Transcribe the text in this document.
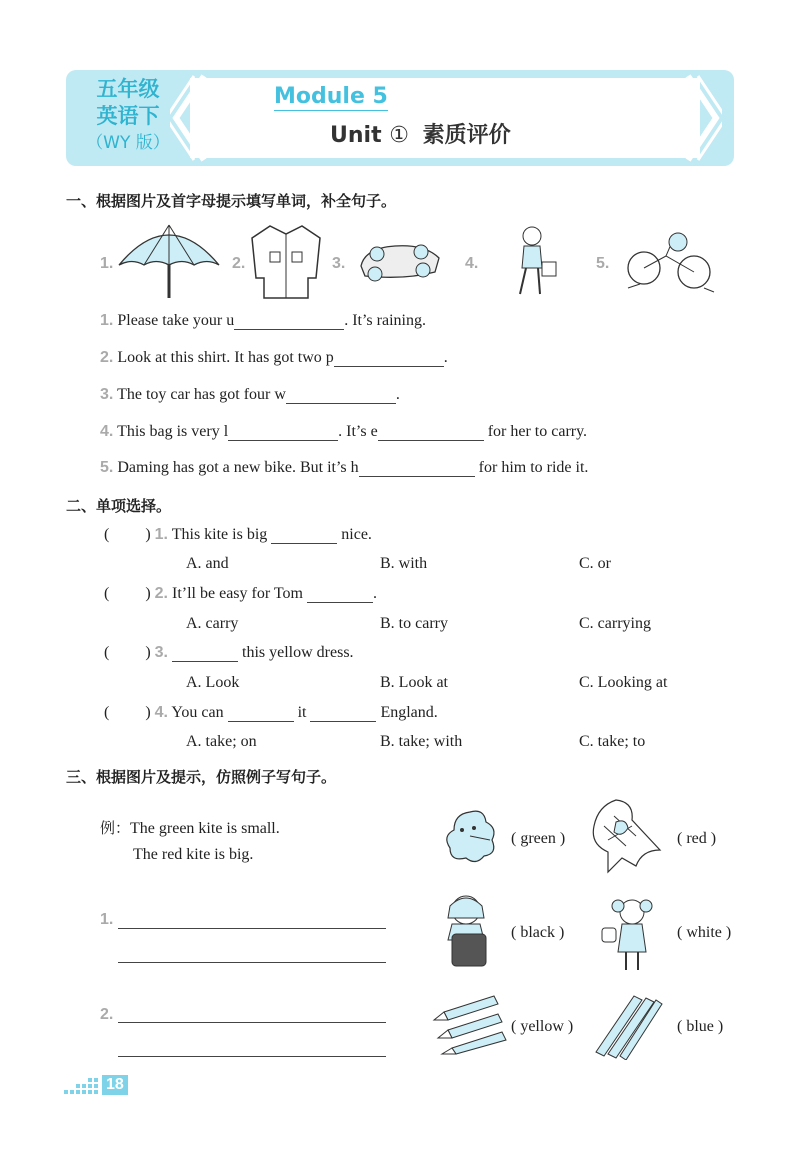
五年级
英语下
（WY 版）
Module 5
Unit ① 素质评价
一、根据图片及首字母提示填写单词，补全句子。
1.	2.	3.	4.	5.
1. Please take your u	. It’s raining.
2. Look at this shirt. It has got two p	.
3. The toy car has got four w	.
4. This bag is very l	. It’s e	for her to carry.
5. Daming has got a new bike. But it’s h	for him to ride it.
二、单项选择。
(         ) 1. This kite is big	nice.
A. and	B. with	C. or
(         ) 2. It’ll be easy for Tom	.
A. carry	B. to carry	C. carrying
(         ) 3.	this yellow dress.
A. Look	B. Look at	C. Looking at
(         ) 4. You can	it	England.
A. take; on	B. take; with	C. take; to
三、根据图片及提示，仿照例子写句子。
例：The green kite is small.
The red kite is big.
( green )	( red )
1.
( black )	( white )
2.
( yellow )	( blue )
18
